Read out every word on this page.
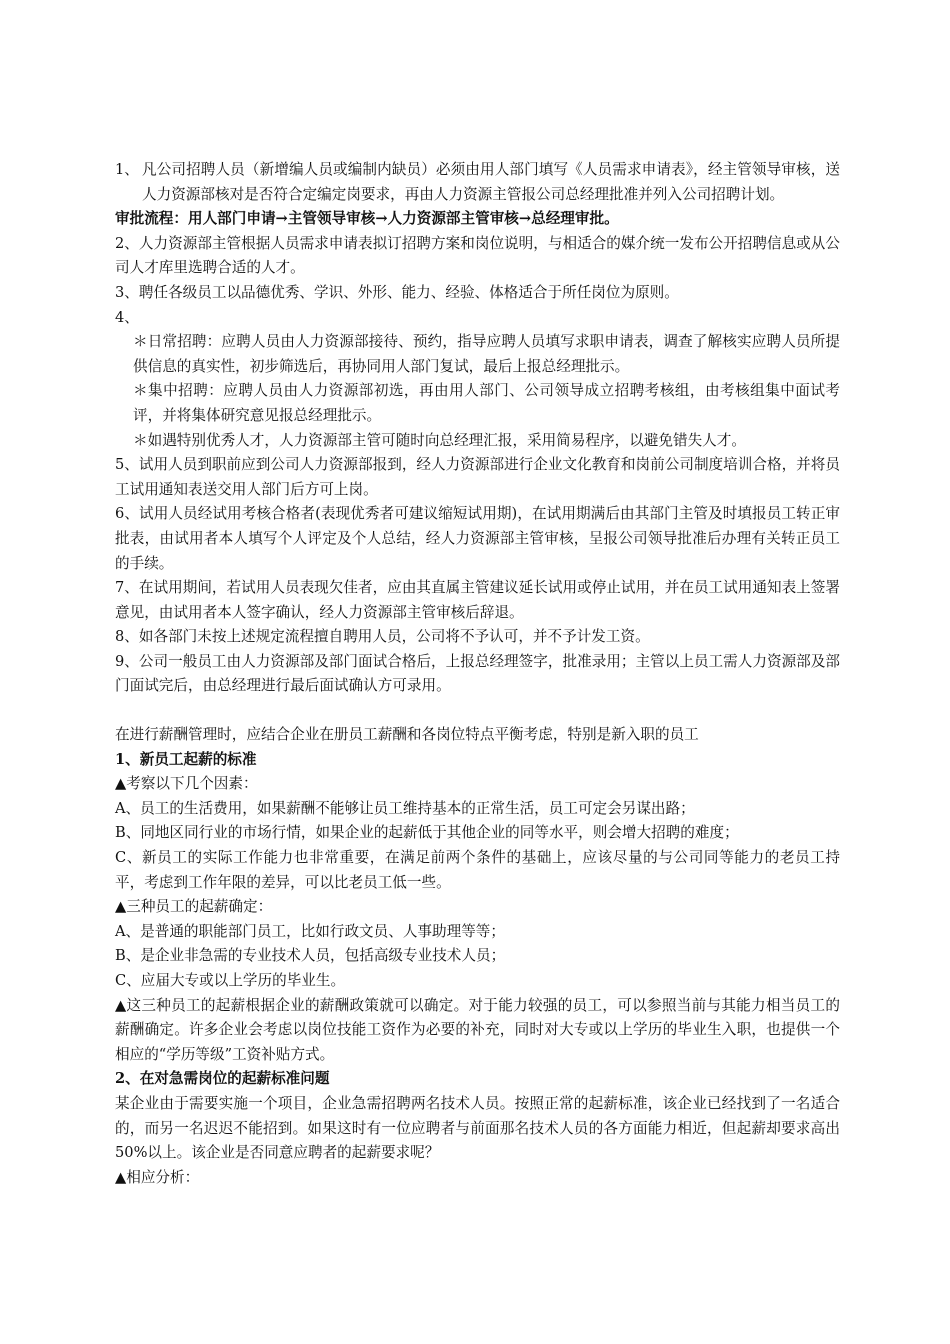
1、 凡公司招聘人员（新增编人员或编制内缺员）必须由用人部门填写《人员需求申请表》，经主管领导审核，送人力资源部核对是否符合定编定岗要求，再由人力资源主管报公司总经理批准并列入公司招聘计划。

审批流程：用人部门申请→主管领导审核→人力资源部主管审核→总经理审批。

2、人力资源部主管根据人员需求申请表拟订招聘方案和岗位说明，与相适合的媒介统一发布公开招聘信息或从公司人才库里选聘合适的人才。

3、聘任各级员工以品德优秀、学识、外形、能力、经验、体格适合于所任岗位为原则。

4、

＊日常招聘：应聘人员由人力资源部接待、预约，指导应聘人员填写求职申请表，调查了解核实应聘人员所提供信息的真实性，初步筛选后，再协同用人部门复试，最后上报总经理批示。

＊集中招聘：应聘人员由人力资源部初选，再由用人部门、公司领导成立招聘考核组，由考核组集中面试考评，并将集体研究意见报总经理批示。

＊如遇特别优秀人才，人力资源部主管可随时向总经理汇报，采用简易程序，以避免错失人才。

5、试用人员到职前应到公司人力资源部报到，经人力资源部进行企业文化教育和岗前公司制度培训合格，并将员工试用通知表送交用人部门后方可上岗。

6、试用人员经试用考核合格者(表现优秀者可建议缩短试用期)，在试用期满后由其部门主管及时填报员工转正审批表，由试用者本人填写个人评定及个人总结，经人力资源部主管审核，呈报公司领导批准后办理有关转正员工的手续。

7、在试用期间，若试用人员表现欠佳者，应由其直属主管建议延长试用或停止试用，并在员工试用通知表上签署意见，由试用者本人签字确认，经人力资源部主管审核后辞退。

8、如各部门未按上述规定流程擅自聘用人员，公司将不予认可，并不予计发工资。

9、公司一般员工由人力资源部及部门面试合格后，上报总经理签字，批准录用；主管以上员工需人力资源部及部门面试完后，由总经理进行最后面试确认方可录用。

在进行薪酬管理时，应结合企业在册员工薪酬和各岗位特点平衡考虑，特别是新入职的员工

1、新员工起薪的标准

▲考察以下几个因素：

A、员工的生活费用，如果薪酬不能够让员工维持基本的正常生活，员工可定会另谋出路；

B、同地区同行业的市场行情，如果企业的起薪低于其他企业的同等水平，则会增大招聘的难度；

C、新员工的实际工作能力也非常重要，在满足前两个条件的基础上，应该尽量的与公司同等能力的老员工持平，考虑到工作年限的差异，可以比老员工低一些。

▲三种员工的起薪确定：

A、是普通的职能部门员工，比如行政文员、人事助理等等；

B、是企业非急需的专业技术人员，包括高级专业技术人员；

C、应届大专或以上学历的毕业生。

▲这三种员工的起薪根据企业的薪酬政策就可以确定。对于能力较强的员工，可以参照当前与其能力相当员工的薪酬确定。许多企业会考虑以岗位技能工资作为必要的补充，同时对大专或以上学历的毕业生入职，也提供一个相应的“学历等级”工资补贴方式。

2、在对急需岗位的起薪标准问题

某企业由于需要实施一个项目，企业急需招聘两名技术人员。按照正常的起薪标准，该企业已经找到了一名适合的，而另一名迟迟不能招到。如果这时有一位应聘者与前面那名技术人员的各方面能力相近，但起薪却要求高出 50%以上。该企业是否同意应聘者的起薪要求呢？

▲相应分析：
